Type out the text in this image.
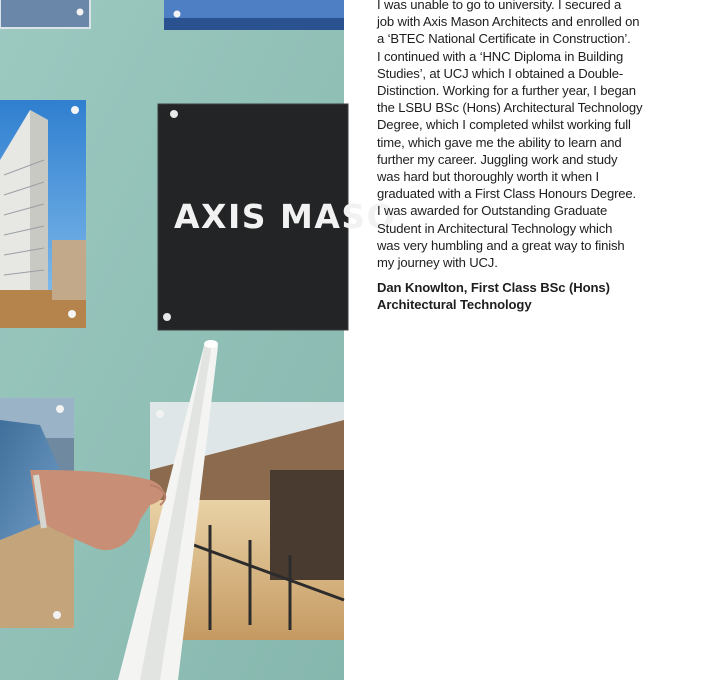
AXIS MASO

I was unable to go to university. I secured a
job with Axis Mason Architects and enrolled on
a ‘BTEC National Certificate in Construction’.
I continued with a ‘HNC Diploma in Building
Studies’, at UCJ which I obtained a Double-
Distinction. Working for a further year, I began
the LSBU BSc (Hons) Architectural Technology
Degree, which I completed whilst working full
time, which gave me the ability to learn and
further my career. Juggling work and study
was hard but thoroughly worth it when I
graduated with a First Class Honours Degree.
I was awarded for Outstanding Graduate
Student in Architectural Technology which
was very humbling and a great way to finish
my journey with UCJ.

Dan Knowlton, First Class BSc (Hons)
Architectural Technology
